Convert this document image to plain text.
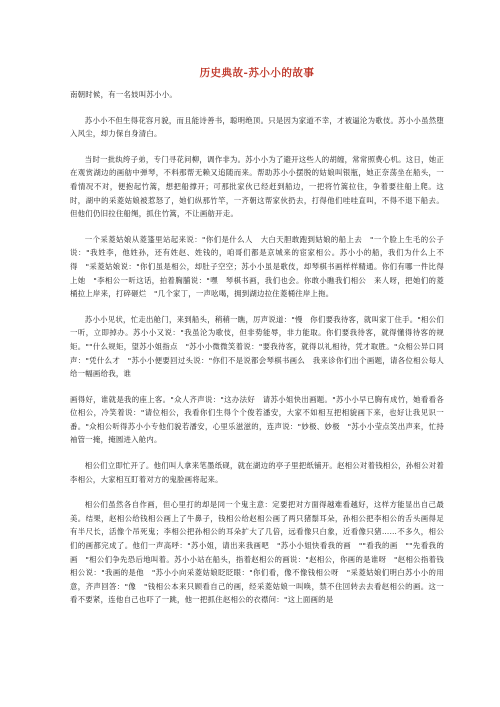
历史典故-苏小小的故事

南朝时候，有一名妓叫苏小小。

苏小小不但生得花容月貌，而且能诗善书，聪明绝顶。只是因为家道不幸，才被逼沦为歌伎。苏小小虽然堕入风尘，却力保自身清白。

当时一批纨绔子弟，专门寻花问柳，调作非为。苏小小为了避开这些人的胡缠，常常照费心机。这日，她正在观赏湖边的画舫中弹琴，不料那帮无赖又追随而来。帮助苏小小摆脱的姑娘叫银瓶，她正奈荡坐在船头，一看情况不对，便抱起竹篙，想把船撑开；可那批家伙已经赶到船边，一把将竹篙拉住，争着要往船上爬。这时，湖中的采菱姑娘被惹怒了，她们纵那竹竿，一齐朝这帮家伙扔去，打得他们哇哇直叫，不得不退下船去。但他们仍旧拉住船绳，抓住竹篙，不让画舫开走。

一个采菱姑娘从菱篷里站起来说："你们是什么人　大白天胆敢跑到姑娘的船上去　"一个脸上生毛的公子说："我姓李，他姓孙，还有姓赵、姓钱的，咱哥们都是京城来的宦家相公。苏小小的船，我们为什么上不得　"采菱姑娘说："你们虽是相公，却肚子空空；苏小小虽是歌伎，却琴棋书画样样精通。你们有哪一件比得上她　"李相公一听这话，拍着胸脯说："嘿　琴棋书画，我们也会。你敢小瞧我们相公　来人呀，把她们的菱桶拉上岸来，打碎砸烂　"几个家丁，一声吆喝，拥到湖边拉住菱桶往岸上拖。

苏小小见状，忙走出舱门，来到船头，稍稍一瞧，厉声说道："慢　你们要我待客，就叫家丁住手。"相公们一听，立即掉办。苏小小又说："我虽沦为歌伎，但非势能辱，非力能取。你们要我待客，就得懂得待客的规矩。""什么规矩，望苏小姐指点　"苏小小微微笑着说："要我待客，就得以礼相待，凭才取胜。"众相公异口同声："凭什么才　"苏小小便要回过头说："你们不是说都会琴棋书画么　我来诊你们出个画题，请各位相公每人给一幅画给我，谁

画得好，谁就是我的座上客。"众人齐声说："这办法好　请苏小姐快出画题。"苏小小早已胸有成竹，她看看各位相公，冷笑着说："请位相公，我看你们生得个个俊若潘安，大家不如相互把相貌画下来，也好让我见识一番。"众相公听得苏小小专他们貌若潘安，心里乐滋滋的，连声说："妙极、妙极　"苏小小莹点笑出声来，忙持袖管一掩，掩圆进入舱内。

相公们立即忙开了。他们叫人拿来笔墨纸砚，就在湖边的亭子里把纸铺开。赵相公对着钱相公，孙相公对着李相公，大家相互盯着对方的鬼脸画将起来。

相公们虽然各自作画，但心里打的却是同一个鬼主意：定要把对方面得越难看越好，这样方能显出自己最美。结果，赵相公给钱相公画上了牛鼻子，钱相公给赵相公画了两只猪鬃耳朵，孙相公把李相公的舌头画得足有半尺长，活像个吊死鬼；李相公把孙相公的耳朵扩大了几倍，远看像只白象，近看像只猪……不多久，相公们的画都完成了。他们一声高呼："苏小姐，请出来我画吧　"苏小小姐快看我的画　""看我的画　""先看我的画　"相公们争先恐后地叫着。苏小小站在船头，指着赵相公的画说："赵相公，你画的是谁呀　"赵相公指着钱相公说："我画的是他　"苏小小向采菱姑娘眨眨眼："你们看，像不像钱相公呀　"采菱姑娘们明白苏小小的用意，齐声回答："像　"钱相公本来只顾看自己的画，经采菱姑娘一叫唤，禁不住回转去去看赵相公的画。这一看不要紧，连他自己也吓了一跳，他一把抓住赵相公的衣襟问："这上面画的是
